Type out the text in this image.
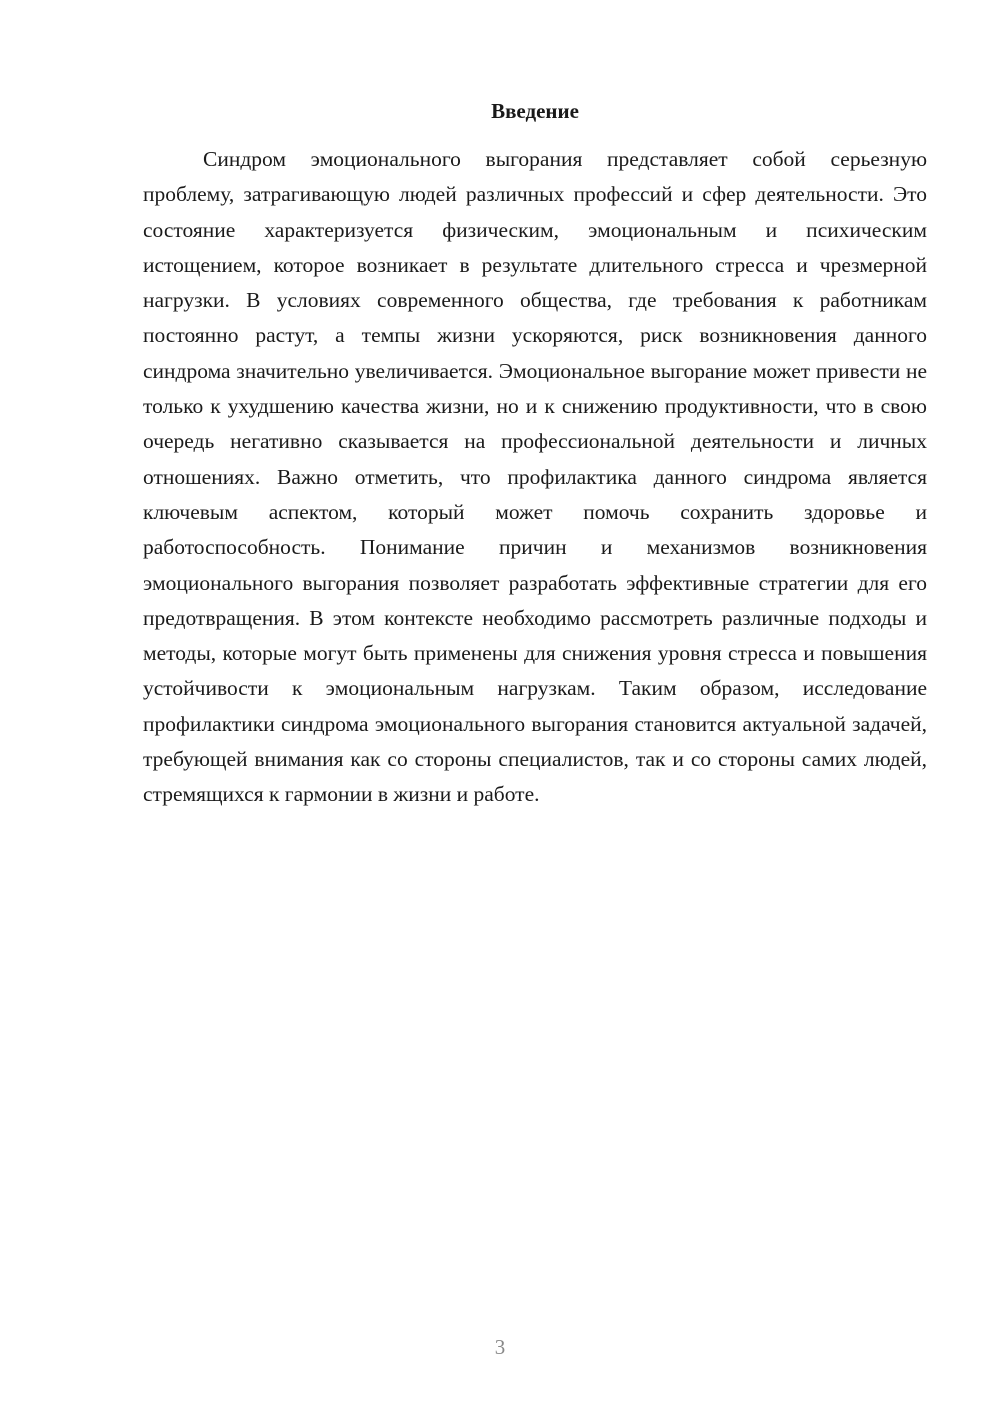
Введение

Синдром эмоционального выгорания представляет собой серьезную проблему, затрагивающую людей различных профессий и сфер деятельности. Это состояние характеризуется физическим, эмоциональным и психическим истощением, которое возникает в результате длительного стресса и чрезмерной нагрузки. В условиях современного общества, где требования к работникам постоянно растут, а темпы жизни ускоряются, риск возникновения данного синдрома значительно увеличивается. Эмоциональное выгорание может привести не только к ухудшению качества жизни, но и к снижению продуктивности, что в свою очередь негативно сказывается на профессиональной деятельности и личных отношениях. Важно отметить, что профилактика данного синдрома является ключевым аспектом, который может помочь сохранить здоровье и работоспособность. Понимание причин и механизмов возникновения эмоционального выгорания позволяет разработать эффективные стратегии для его предотвращения. В этом контексте необходимо рассмотреть различные подходы и методы, которые могут быть применены для снижения уровня стресса и повышения устойчивости к эмоциональным нагрузкам. Таким образом, исследование профилактики синдрома эмоционального выгорания становится актуальной задачей, требующей внимания как со стороны специалистов, так и со стороны самих людей, стремящихся к гармонии в жизни и работе.

3
